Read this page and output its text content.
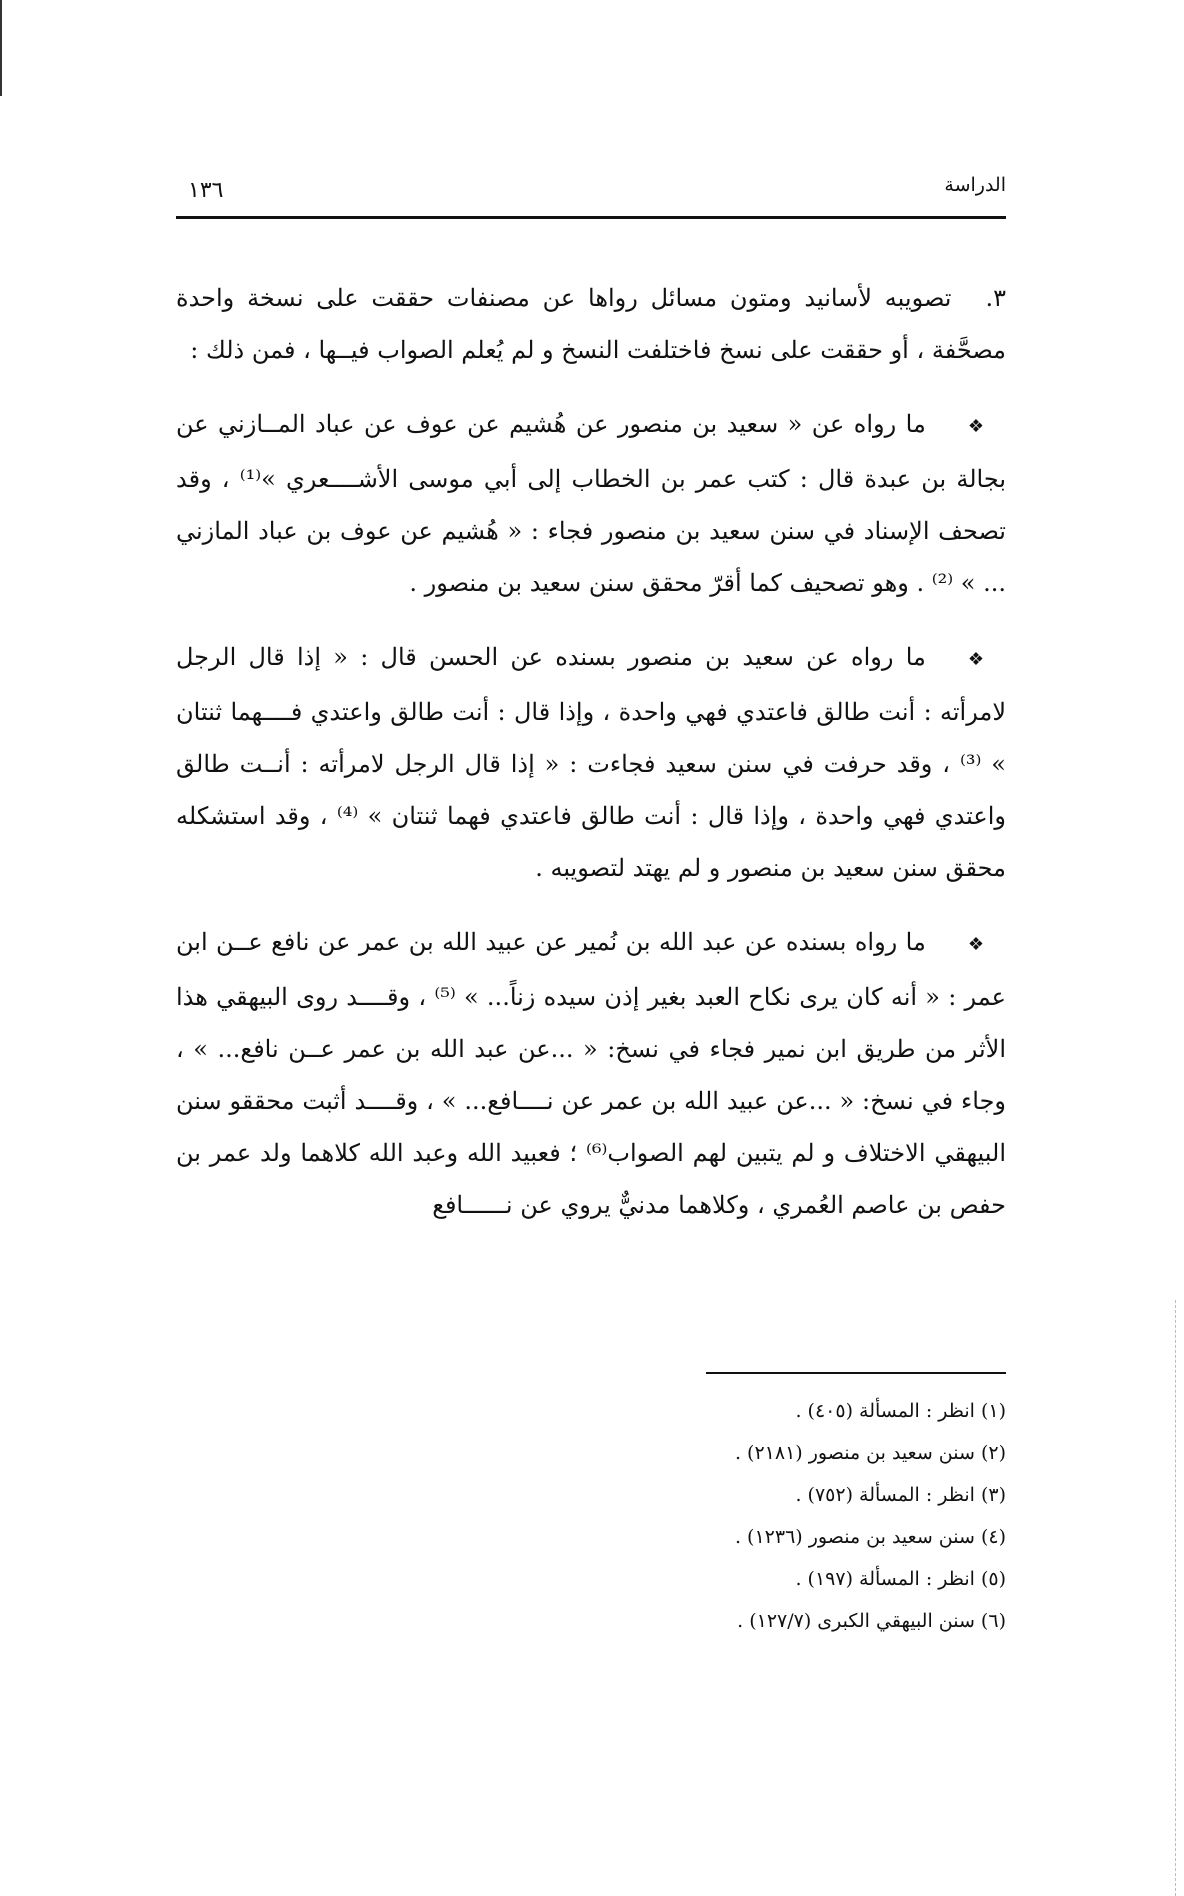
الدراسة
١٣٦

٣.تصويبه لأسانيد ومتون مسائل رواها عن مصنفات حققت على نسخة واحدة مصحَّفة ، أو حققت على نسخ فاختلفت النسخ و لم يُعلم الصواب فيــها ، فمن ذلك :

❖ما رواه عن « سعيد بن منصور عن هُشيم عن عوف عن عباد المــازني عن بجالة بن عبدة قال : كتب عمر بن الخطاب إلى أبي موسى الأشــــعري »⁽¹⁾ ، وقد تصحف الإسناد في سنن سعيد بن منصور فجاء : « هُشيم عن عوف بن عباد المازني ... » ⁽²⁾ . وهو تصحيف كما أقرّ محقق سنن سعيد بن منصور .

❖ما رواه عن سعيد بن منصور بسنده عن الحسن قال : « إذا قال الرجل لامرأته : أنت طالق فاعتدي فهي واحدة ، وإذا قال : أنت طالق واعتدي فــــهما ثنتان » ⁽³⁾ ، وقد حرفت في سنن سعيد فجاءت : « إذا قال الرجل لامرأته : أنــت طالق واعتدي فهي واحدة ، وإذا قال : أنت طالق فاعتدي فهما ثنتان » ⁽⁴⁾ ، وقد استشكله محقق سنن سعيد بن منصور و لم يهتد لتصويبه .

❖ما رواه بسنده عن عبد الله بن نُمير عن عبيد الله بن عمر عن نافع عــن ابن عمر : « أنه كان يرى نكاح العبد بغير إذن سيده زناً... » ⁽⁵⁾ ، وقــــد روى البيهقي هذا الأثر من طريق ابن نمير فجاء في نسخ: « ...عن عبد الله بن عمر عــن نافع... » ، وجاء في نسخ: « ...عن عبيد الله بن عمر عن نــــافع... » ، وقــــد أثبت محققو سنن البيهقي الاختلاف و لم يتبين لهم الصواب⁽⁶⁾ ؛ فعبيد الله وعبد الله كلاهما ولد عمر بن حفص بن عاصم العُمري ، وكلاهما مدنيٌّ يروي عن نــــــافع

(١) انظر : المسألة (٤٠٥) .
(٢) سنن سعيد بن منصور (٢١٨١) .
(٣) انظر : المسألة (٧٥٢) .
(٤) سنن سعيد بن منصور (١٢٣٦) .
(٥) انظر : المسألة (١٩٧) .
(٦) سنن البيهقي الكبرى (١٢٧/٧) .
